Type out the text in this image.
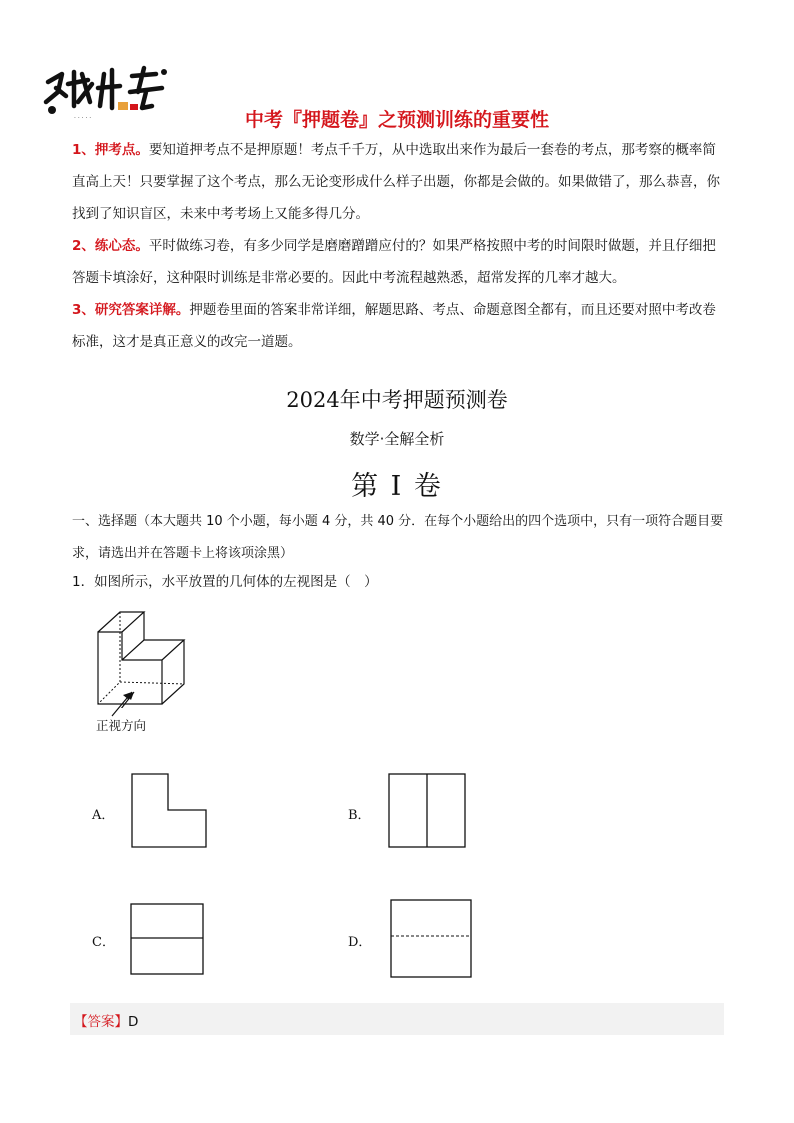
· · · · ·	中考『押题卷』之预测训练的重要性
1、押考点。要知道押考点不是押原题！考点千千万，从中选取出来作为最后一套卷的考点，那考察的概率简直高上天！只要掌握了这个考点，那么无论变形成什么样子出题，你都是会做的。如果做错了，那么恭喜，你找到了知识盲区，未来中考考场上又能多得几分。
2、练心态。平时做练习卷，有多少同学是磨磨蹭蹭应付的？如果严格按照中考的时间限时做题，并且仔细把答题卡填涂好，这种限时训练是非常必要的。因此中考流程越熟悉，超常发挥的几率才越大。
3、研究答案详解。押题卷里面的答案非常详细，解题思路、考点、命题意图全都有，而且还要对照中考改卷标准，这才是真正意义的改完一道题。
2024年中考押题预测卷
数学·全解全析
第 I 卷
一、选择题（本大题共 10 个小题，每小题 4 分，共 40 分．在每个小题给出的四个选项中，只有一项符合题目要求，请选出并在答题卡上将该项涂黑）
1．如图所示，水平放置的几何体的左视图是（　）
正视方向
A．	B．
C．	D．
【答案】D
